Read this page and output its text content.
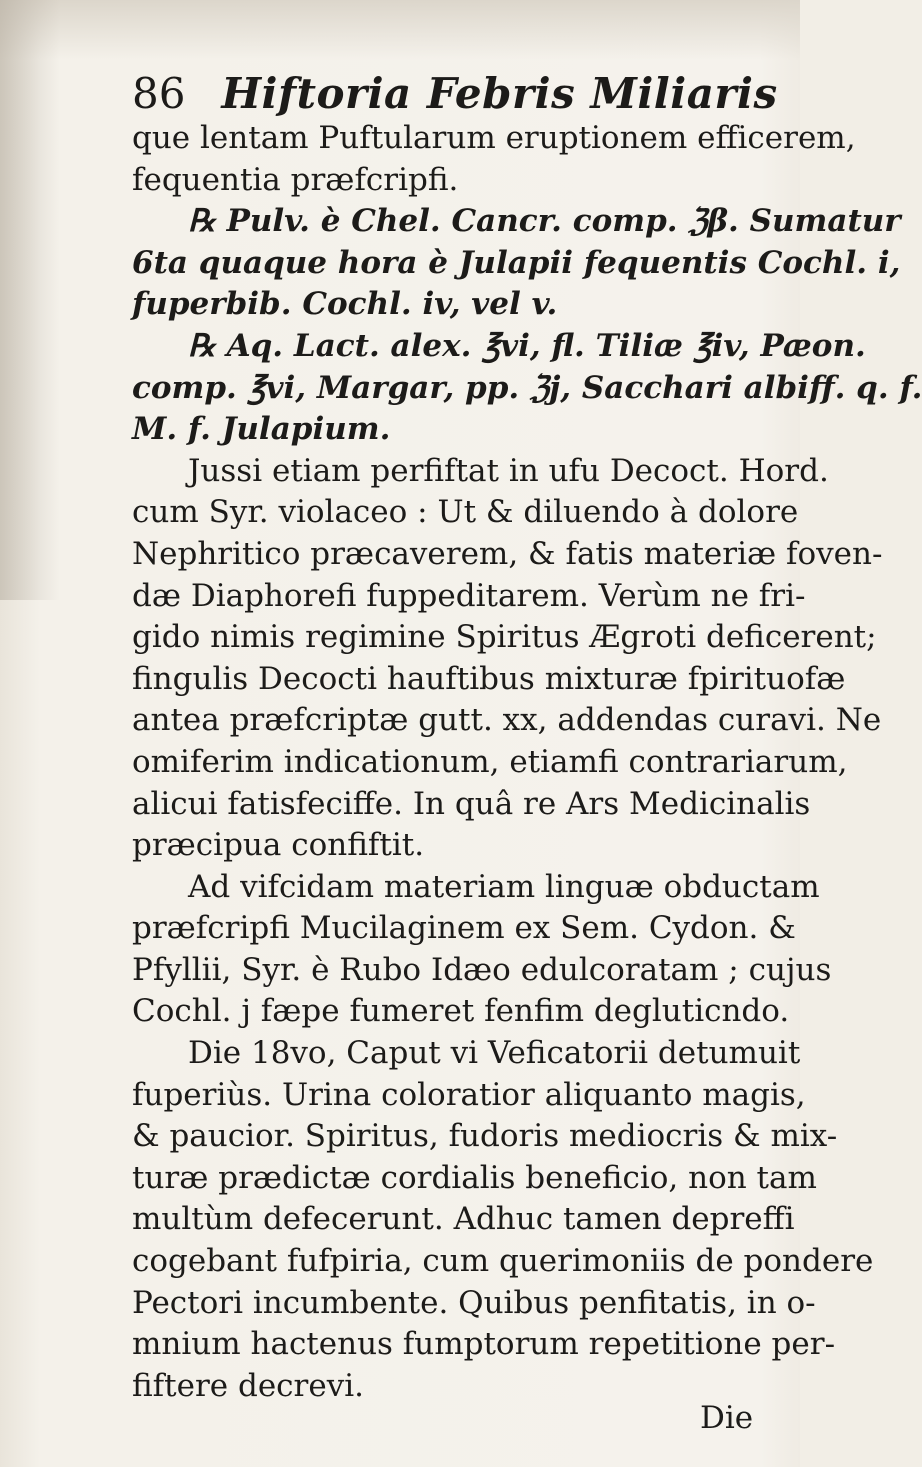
86 Hiftoria Febris Miliaris
que lentam Puftularum eruptionem efficerem,
fequentia præfcripfi.
℞ Pulv. è Chel. Cancr. comp. ℨβ. Sumatur
6ta quaque hora è Julapii fequentis Cochl. i,
fuperbib. Cochl. iv, vel v.
℞ Aq. Lact. alex. ℥vi, fl. Tiliæ ℥iv, Pæon.
comp. ℥vi, Margar, pp. ℨj, Sacchari albiff. q. f.
M. f. Julapium.
Jussi etiam perfiftat in ufu Decoct. Hord.
cum Syr. violaceo : Ut & diluendo à dolore
Nephritico præcaverem, & fatis materiæ foven-
dæ Diaphorefi fuppeditarem. Verùm ne fri-
gido nimis regimine Spiritus Ægroti deficerent;
fingulis Decocti hauftibus mixturæ fpirituofæ
antea præfcriptæ gutt. xx, addendas curavi. Ne
omiferim indicationum, etiamfi contrariarum,
alicui fatisfeciffe. In quâ re Ars Medicinalis
præcipua confiftit.
Ad vifcidam materiam linguæ obductam
præfcripfi Mucilaginem ex Sem. Cydon. &
Pfyllii, Syr. è Rubo Idæo edulcoratam ; cujus
Cochl. j fæpe fumeret fenfim degluticndo.
Die 18vo, Caput vi Veficatorii detumuit
fuperiùs. Urina coloratior aliquanto magis,
& paucior. Spiritus, fudoris mediocris & mix-
turæ prædictæ cordialis beneficio, non tam
multùm defecerunt. Adhuc tamen depreffi
cogebant fufpiria, cum querimoniis de pondere
Pectori incumbente. Quibus penfitatis, in o-
mnium hactenus fumptorum repetitione per-
fiftere decrevi.
Die
